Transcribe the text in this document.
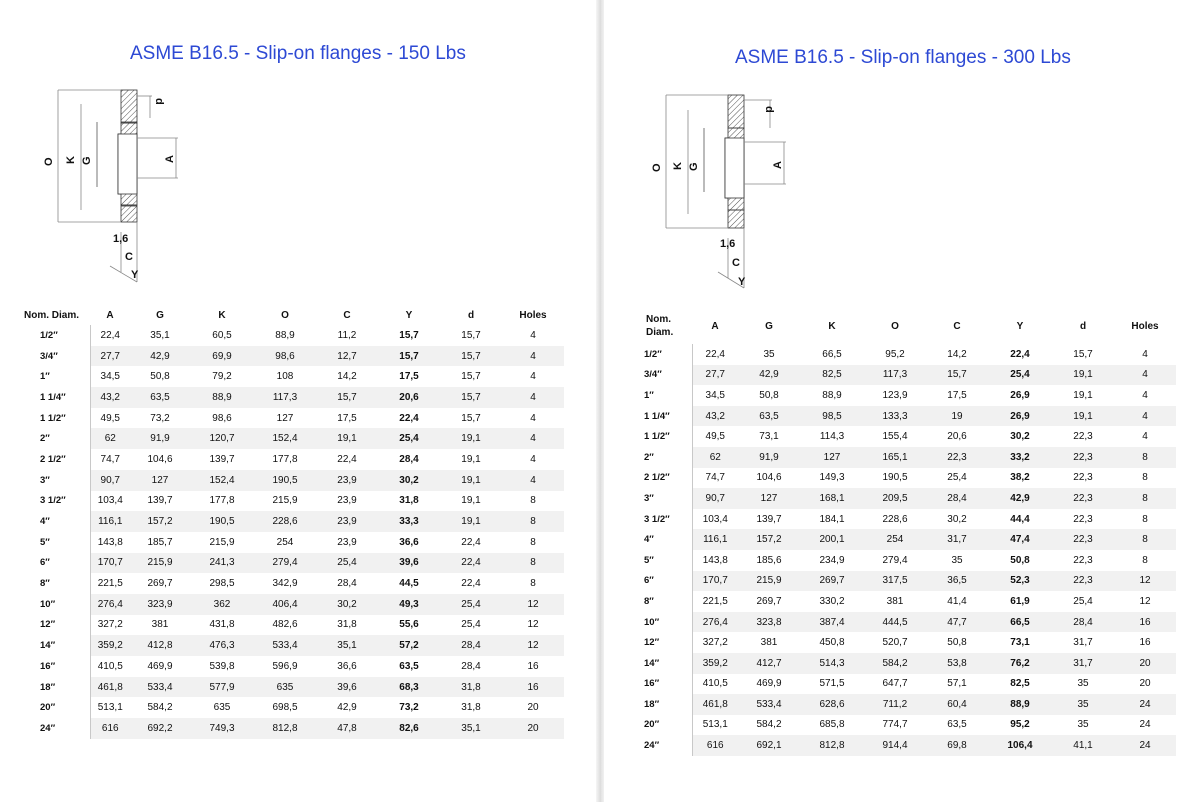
ASME B16.5 - Slip-on flanges - 150 Lbs
O K G	A
d
1,6
C
Y
Nom. Diam.	A	G	K	O	C	Y	d	Holes
1/2″	22,4	35,1	60,5	88,9	11,2	15,7	15,7	4
3/4″	27,7	42,9	69,9	98,6	12,7	15,7	15,7	4
1″	34,5	50,8	79,2	108	14,2	17,5	15,7	4
1 1/4″	43,2	63,5	88,9	117,3	15,7	20,6	15,7	4
1 1/2″	49,5	73,2	98,6	127	17,5	22,4	15,7	4
2″	62	91,9	120,7	152,4	19,1	25,4	19,1	4
2 1/2″	74,7	104,6	139,7	177,8	22,4	28,4	19,1	4
3″	90,7	127	152,4	190,5	23,9	30,2	19,1	4
3 1/2″	103,4	139,7	177,8	215,9	23,9	31,8	19,1	8
4″	116,1	157,2	190,5	228,6	23,9	33,3	19,1	8
5″	143,8	185,7	215,9	254	23,9	36,6	22,4	8
6″	170,7	215,9	241,3	279,4	25,4	39,6	22,4	8
8″	221,5	269,7	298,5	342,9	28,4	44,5	22,4	8
10″	276,4	323,9	362	406,4	30,2	49,3	25,4	12
12″	327,2	381	431,8	482,6	31,8	55,6	25,4	12
14″	359,2	412,8	476,3	533,4	35,1	57,2	28,4	12
16″	410,5	469,9	539,8	596,9	36,6	63,5	28,4	16
18″	461,8	533,4	577,9	635	39,6	68,3	31,8	16
20″	513,1	584,2	635	698,5	42,9	73,2	31,8	20
24″	616	692,2	749,3	812,8	47,8	82,6	35,1	20
ASME B16.5 - Slip-on flanges - 300 Lbs
O K G	A
d
1,6
C
Y
Nom. Diam.	A	G	K	O	C	Y	d	Holes
1/2″	22,4	35	66,5	95,2	14,2	22,4	15,7	4
3/4″	27,7	42,9	82,5	117,3	15,7	25,4	19,1	4
1″	34,5	50,8	88,9	123,9	17,5	26,9	19,1	4
1 1/4″	43,2	63,5	98,5	133,3	19	26,9	19,1	4
1 1/2″	49,5	73,1	114,3	155,4	20,6	30,2	22,3	4
2″	62	91,9	127	165,1	22,3	33,2	22,3	8
2 1/2″	74,7	104,6	149,3	190,5	25,4	38,2	22,3	8
3″	90,7	127	168,1	209,5	28,4	42,9	22,3	8
3 1/2″	103,4	139,7	184,1	228,6	30,2	44,4	22,3	8
4″	116,1	157,2	200,1	254	31,7	47,4	22,3	8
5″	143,8	185,6	234,9	279,4	35	50,8	22,3	8
6″	170,7	215,9	269,7	317,5	36,5	52,3	22,3	12
8″	221,5	269,7	330,2	381	41,4	61,9	25,4	12
10″	276,4	323,8	387,4	444,5	47,7	66,5	28,4	16
12″	327,2	381	450,8	520,7	50,8	73,1	31,7	16
14″	359,2	412,7	514,3	584,2	53,8	76,2	31,7	20
16″	410,5	469,9	571,5	647,7	57,1	82,5	35	20
18″	461,8	533,4	628,6	711,2	60,4	88,9	35	24
20″	513,1	584,2	685,8	774,7	63,5	95,2	35	24
24″	616	692,1	812,8	914,4	69,8	106,4	41,1	24
